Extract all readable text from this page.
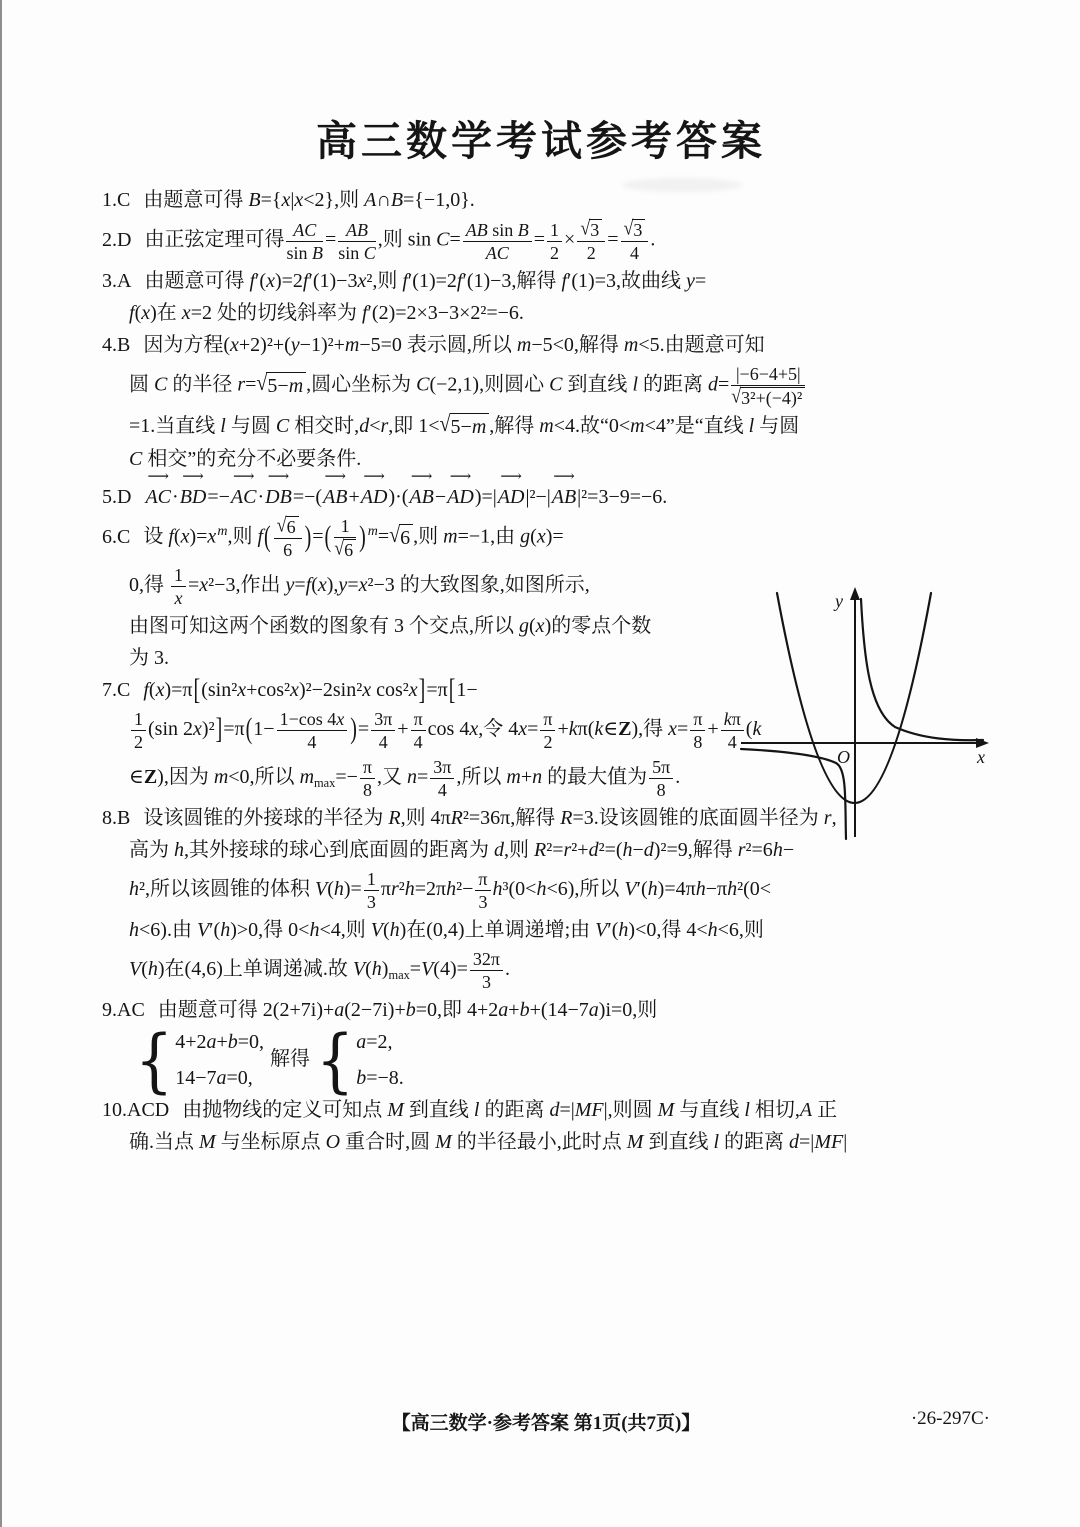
高三数学考试参考答案
1.C 由题意可得 B={x|x<2},则 A∩B={−1,0}.
2.D 由正弦定理可得 $\frac{AC}{\text{sin B}} = \frac{AB}{\text{sin C}}$ ,则 $\sin C= \frac{\text{AB sin B}}{AC} = \frac{1}{2} \times \frac{√ 3}{2} = \frac{√ 3}{4}$ .
3.A 由题意可得 f′(x)=2f′(1)−3x²,则 f′(1)=2f′(1)−3,解得 f′(1)=3,故曲线 y=
f(x)在 x=2 处的切线斜率为 f′(2)=2×3−3×2²=−6.
4.B 因为方程(x+2)²+(y−1)²+m−5=0 表示圆,所以 m−5<0,解得 m<5.由题意可知
圆 C 的半径 r= √ 5−m ,圆心坐标为 C(−2,1),则圆心 C 到直线 l 的距离 $d= \frac{|-6-4+5|}{\text{√ 3²+(−4)²}}$
=1.当直线 l 与圆 C 相交时,d<r,即 1< √ 5−m ,解得 m<4.故“0<m<4”是“直线 l 与圆
C 相交”的充分不必要条件.
5.D
⟶
AC·
⟶
BD=−
⟶
AC·
⟶
DB=−(
⟶
AB+
⟶
AD)·(
⟶
AB−
⟶
AD)=|
⟶
AD|²−|
⟶
AB|²=3−9=−6.
6.C 设 $f(x)=x^m$,则 $f( \frac{√ 6}{6}$ )=( $\frac{1}{√ 6}$ ) $^m$= √ 6 ,则 m=−1,由 g(x)=
0,得 $\frac{1}{x} =x^2-3$,作出 y=f(x),y=x²−3 的大致图象,如图所示,
由图可知这两个函数的图象有 3 个交点,所以 g(x)的零点个数
为 3.
7.C f(x)=π[(sin²x+cos²x)²−2sin²x cos²x]=π[1−
$\frac{1}{2} (\sin$ $2x)^2]=\pi(1- \frac{1-\cos 4x}{4}$ )= $\frac{3\pi}{4} + \frac{\pi}{4}$ cos 4x,令 $4x= \frac{\pi}{2}$ +kπ(k∈Z),得 $x= \frac{\pi}{8} + \frac{k\pi}{4} (k$
∈Z),因为 m<0,所以 $m_{max}=- \frac{\pi}{8}$ ,又 $n= \frac{3\pi}{4}$ ,所以 m+n 的最大值为 $\frac{5\pi}{8}$ .
8.B 设该圆锥的外接球的半径为 R,则 4πR²=36π,解得 R=3.设该圆锥的底面圆半径为 r,
高为 h,其外接球的球心到底面圆的距离为 d,则 R²=r²+d²=(h−d)²=9,解得 r²=6h−
h²,所以该圆锥的体积 $V(h)= \frac{1}{3} \pi r^2h=2\pi h^2- \frac{\pi}{3} h^3(0<h<6)$,所以 V′(h)=4πh−πh²(0<
h<6).由 V′(h)>0,得 0<h<4,则 V(h)在(0,4)上单调递增;由 V′(h)<0,得 4<h<6,则
V(h)在(4,6)上单调递减.故 $V(h)_{max}=V(4)= \frac{32\pi}{3}$ .
9.AC 由题意可得 2(2+7i)+a(2−7i)+b=0,即 4+2a+b+(14−7a)i=0,则
{ 4+2a+b=0,
14−7a=0,
解得 { a=2,
b=−8.
10.ACD 由抛物线的定义可知点 M 到直线 l 的距离 d=|MF|,则圆 M 与直线 l 相切,A 正
确.当点 M 与坐标原点 O 重合时,圆 M 的半径最小,此时点 M 到直线 l 的距离 d=|MF|
y
O	x
【高三数学·参考答案 第1页(共7页)】	·26-297C·
